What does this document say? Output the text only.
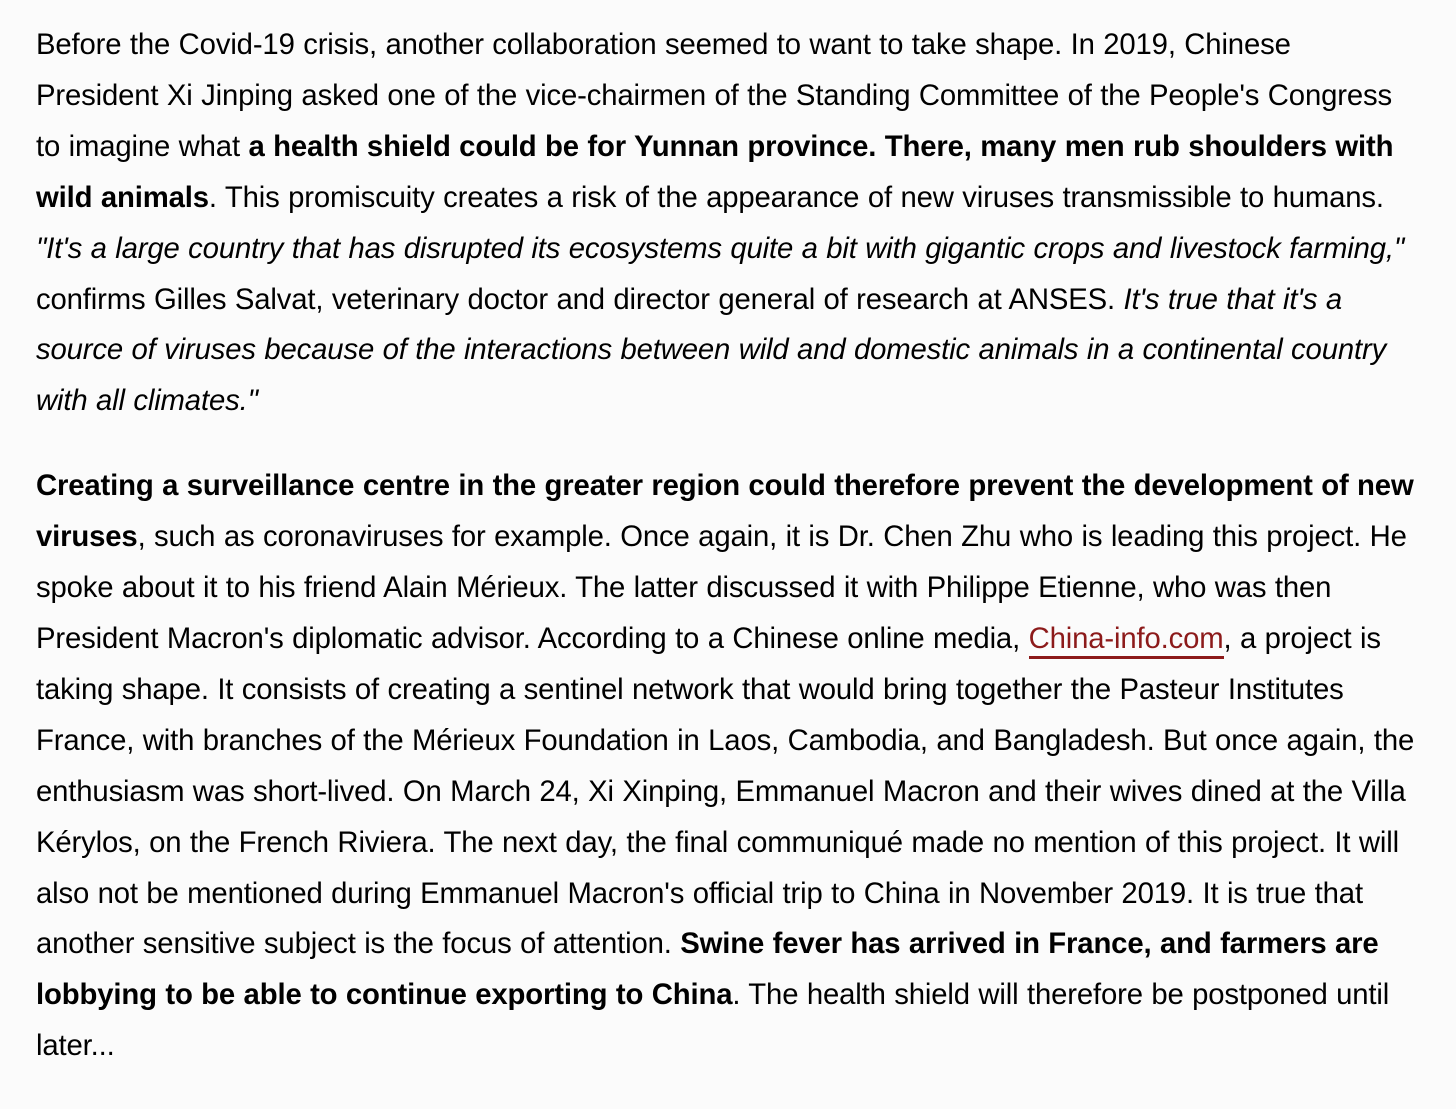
Before the Covid-19 crisis, another collaboration seemed to want to take shape. In 2019, Chinese President Xi Jinping asked one of the vice-chairmen of the Standing Committee of the People's Congress to imagine what a health shield could be for Yunnan province. There, many men rub shoulders with wild animals. This promiscuity creates a risk of the appearance of new viruses transmissible to humans. "It's a large country that has disrupted its ecosystems quite a bit with gigantic crops and livestock farming," confirms Gilles Salvat, veterinary doctor and director general of research at ANSES. It's true that it's a source of viruses because of the interactions between wild and domestic animals in a continental country with all climates."

Creating a surveillance centre in the greater region could therefore prevent the development of new viruses, such as coronaviruses for example. Once again, it is Dr. Chen Zhu who is leading this project. He spoke about it to his friend Alain Mérieux. The latter discussed it with Philippe Etienne, who was then President Macron's diplomatic advisor. According to a Chinese online media, China-info.com, a project is taking shape. It consists of creating a sentinel network that would bring together the Pasteur Institutes France, with branches of the Mérieux Foundation in Laos, Cambodia, and Bangladesh. But once again, the enthusiasm was short-lived. On March 24, Xi Xinping, Emmanuel Macron and their wives dined at the Villa Kérylos, on the French Riviera. The next day, the final communiqué made no mention of this project. It will also not be mentioned during Emmanuel Macron's official trip to China in November 2019. It is true that another sensitive subject is the focus of attention. Swine fever has arrived in France, and farmers are lobbying to be able to continue exporting to China. The health shield will therefore be postponed until later...
